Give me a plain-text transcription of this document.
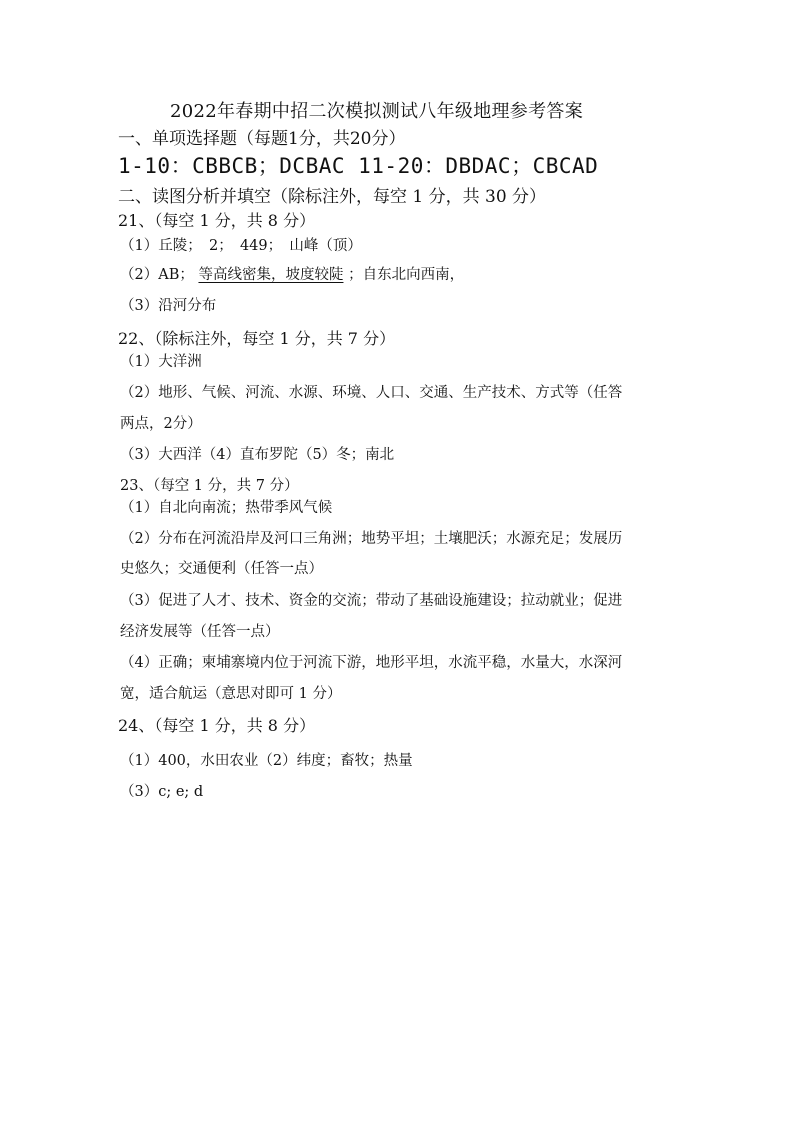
2022年春期中招二次模拟测试八年级地理参考答案
一、单项选择题（每题1分，共20分）
1-10：CBBCB；DCBAC 11-20：DBDAC；CBCAD
二、读图分析并填空（除标注外，每空 1 分，共 30 分）
21、（每空 1 分，共 8 分）
（1）丘陵；　2；　449；　山峰（顶）
（2）AB； 等高线密集，坡度较陡 ；自东北向西南，
（3）沿河分布
22、（除标注外，每空 1 分，共 7 分）
（1）大洋洲
（2）地形、气候、河流、水源、环境、人口、交通、生产技术、方式等（任答
两点，2分）
（3）大西洋（4）直布罗陀（5）冬；南北
23、（每空 1 分，共 7 分）
（1）自北向南流；热带季风气候
（2）分布在河流沿岸及河口三角洲；地势平坦；土壤肥沃；水源充足；发展历
史悠久；交通便利（任答一点）
（3）促进了人才、技术、资金的交流；带动了基础设施建设；拉动就业；促进
经济发展等（任答一点）
（4）正确；柬埔寨境内位于河流下游，地形平坦，水流平稳，水量大，水深河
宽，适合航运（意思对即可 1 分）
24、（每空 1 分，共 8 分）
（1）400，水田农业（2）纬度；畜牧；热量
（3）c; e; d
